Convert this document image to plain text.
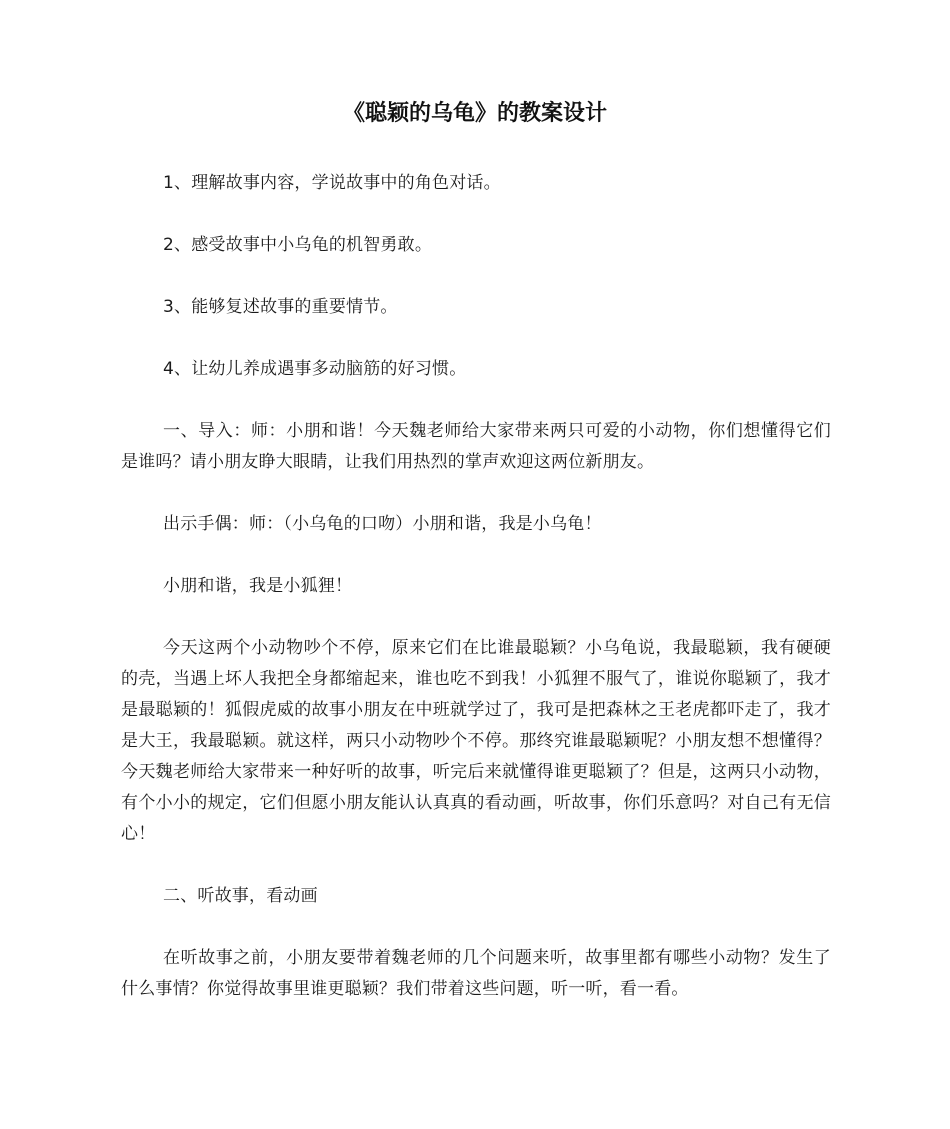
《聪颖的乌龟》的教案设计

1、理解故事内容，学说故事中的角色对话。

2、感受故事中小乌龟的机智勇敢。

3、能够复述故事的重要情节。

4、让幼儿养成遇事多动脑筋的好习惯。

一、导入：师：小朋和谐！今天魏老师给大家带来两只可爱的小动物，你们想懂得它们是谁吗？请小朋友睁大眼睛，让我们用热烈的掌声欢迎这两位新朋友。

出示手偶：师：（小乌龟的口吻）小朋和谐，我是小乌龟！

小朋和谐，我是小狐狸！

今天这两个小动物吵个不停，原来它们在比谁最聪颖？小乌龟说，我最聪颖，我有硬硬的壳，当遇上坏人我把全身都缩起来，谁也吃不到我！小狐狸不服气了，谁说你聪颖了，我才是最聪颖的！狐假虎威的故事小朋友在中班就学过了，我可是把森林之王老虎都吓走了，我才是大王，我最聪颖。就这样，两只小动物吵个不停。那终究谁最聪颖呢？小朋友想不想懂得？今天魏老师给大家带来一种好听的故事，听完后来就懂得谁更聪颖了？但是，这两只小动物，有个小小的规定，它们但愿小朋友能认认真真的看动画，听故事，你们乐意吗？对自己有无信心！

二、听故事，看动画

在听故事之前，小朋友要带着魏老师的几个问题来听，故事里都有哪些小动物？发生了什么事情？你觉得故事里谁更聪颖？我们带着这些问题，听一听，看一看。
